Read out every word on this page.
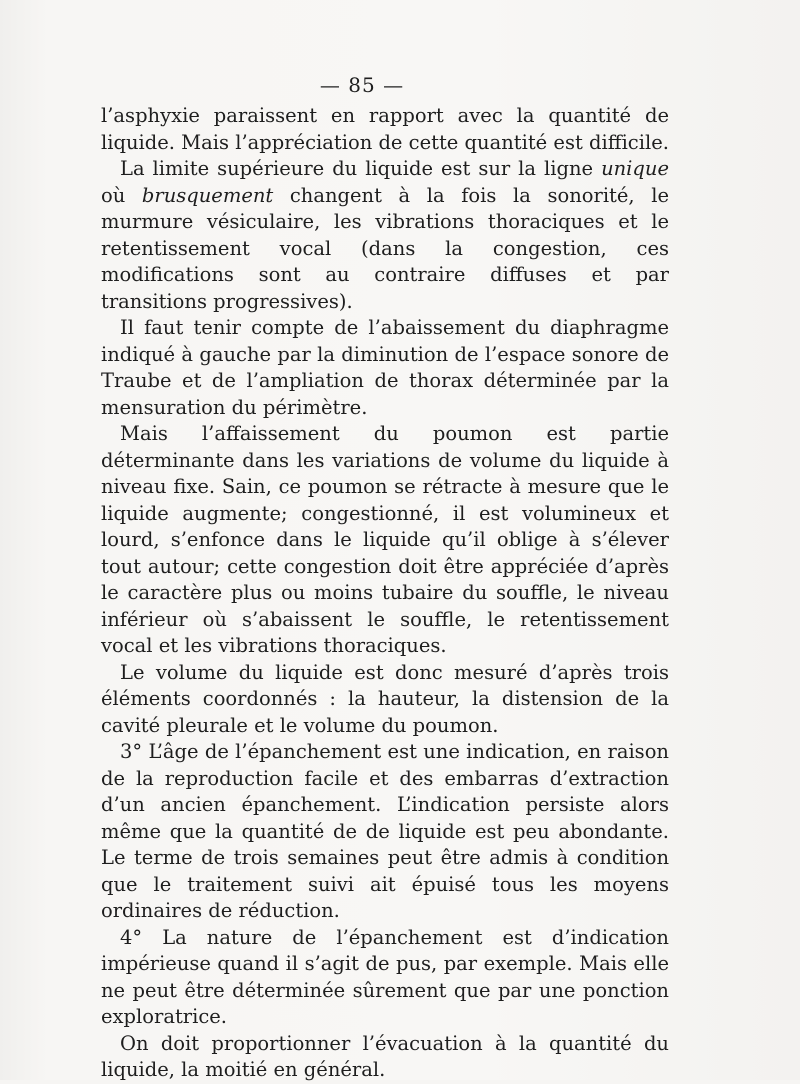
— 85 —

l’asphyxie paraissent en rapport avec la quantité de liquide. Mais l’appréciation de cette quantité est difficile.

La limite supérieure du liquide est sur la ligne unique où brusquement changent à la fois la sonorité, le murmure vésiculaire, les vibrations thoraciques et le retentissement vocal (dans la congestion, ces modifications sont au contraire diffuses et par transitions progressives).

Il faut tenir compte de l’abaissement du diaphragme indiqué à gauche par la diminution de l’espace sonore de Traube et de l’ampliation de thorax déterminée par la mensuration du périmètre.

Mais l’affaissement du poumon est partie déterminante dans les variations de volume du liquide à niveau fixe. Sain, ce poumon se rétracte à mesure que le liquide augmente; congestionné, il est volumineux et lourd, s’enfonce dans le liquide qu’il oblige à s’élever tout autour; cette congestion doit être appréciée d’après le caractère plus ou moins tubaire du souffle, le niveau inférieur où s’abaissent le souffle, le retentissement vocal et les vibrations thoraciques.

Le volume du liquide est donc mesuré d’après trois éléments coordonnés : la hauteur, la distension de la cavité pleurale et le volume du poumon.

3° L’âge de l’épanchement est une indication, en raison de la reproduction facile et des embarras d’extraction d’un ancien épanchement. L’indication persiste alors même que la quantité de de liquide est peu abondante. Le terme de trois semaines peut être admis à condition que le traitement suivi ait épuisé tous les moyens ordinaires de réduction.

4° La nature de l’épanchement est d’indication impérieuse quand il s’agit de pus, par exemple. Mais elle ne peut être déterminée sûrement que par une ponction exploratrice.

On doit proportionner l’évacuation à la quantité du liquide, la moitié en général.
